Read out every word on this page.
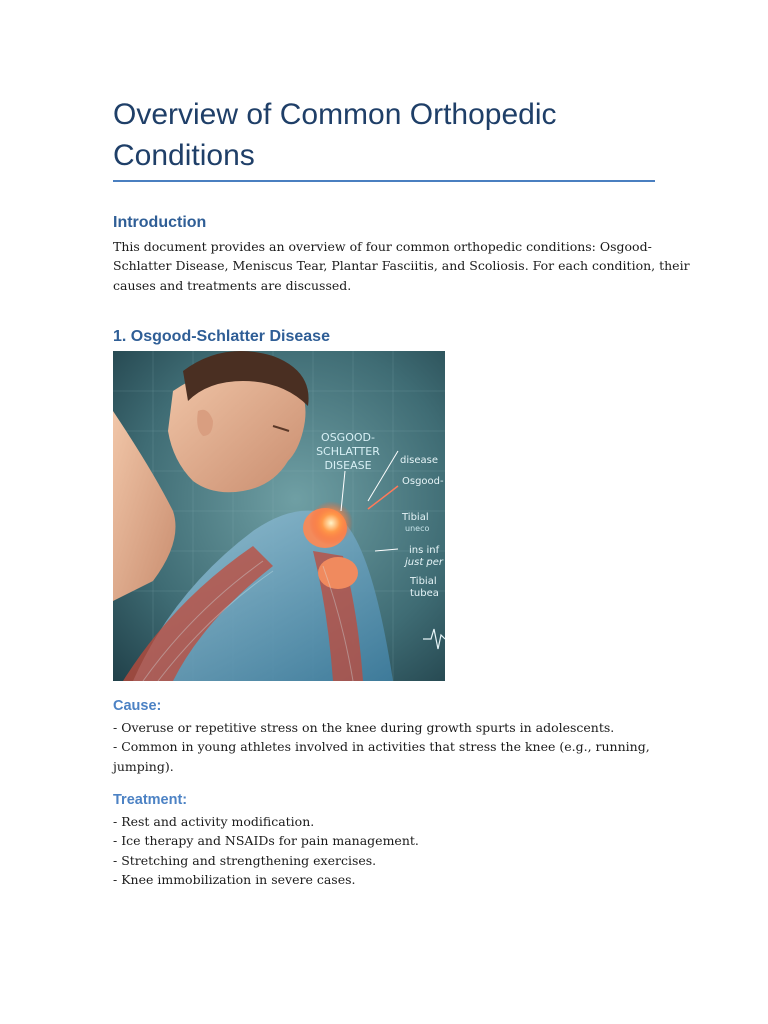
Overview of Common Orthopedic Conditions
Introduction

This document provides an overview of four common orthopedic conditions: Osgood-
Schlatter Disease, Meniscus Tear, Plantar Fasciitis, and Scoliosis. For each condition, their
causes and treatments are discussed.

1. Osgood-Schlatter Disease
OSGOOD-
SCHLATTER
DISEASE	disease
Osgood-
Tibial
uneco
ins inf
just per
Tibial
tubea
Cause:

- Overuse or repetitive stress on the knee during growth spurts in adolescents.
- Common in young athletes involved in activities that stress the knee (e.g., running,
jumping).

Treatment:

- Rest and activity modification.
- Ice therapy and NSAIDs for pain management.
- Stretching and strengthening exercises.
- Knee immobilization in severe cases.
